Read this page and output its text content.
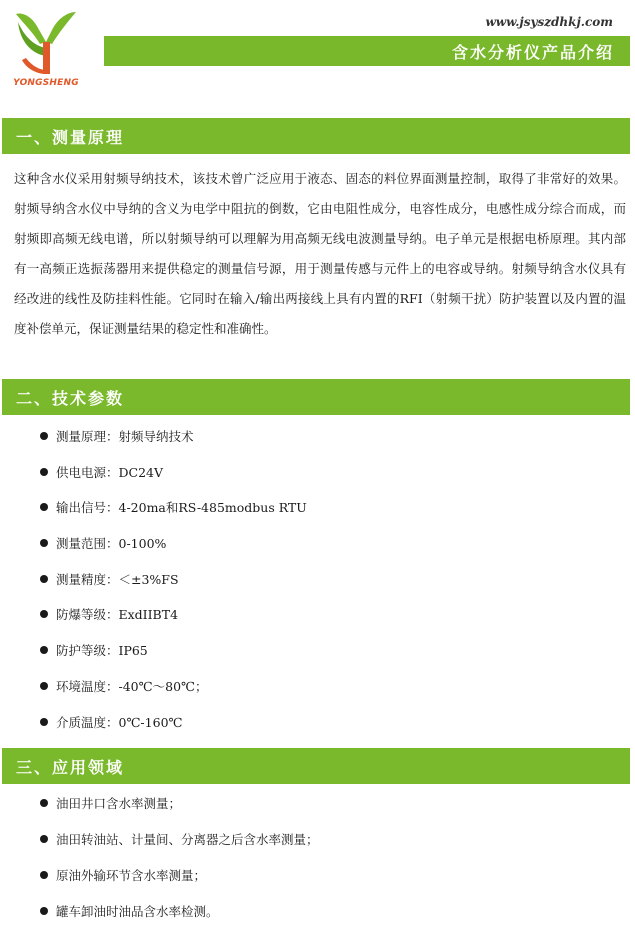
YONGSHENG
www.jsyszdhkj.com
含水分析仪产品介绍
一、测量原理

这种含水仪采用射频导纳技术，该技术曾广泛应用于液态、固态的料位界面测量控制，取得了非常好的效果。射频导纳含水仪中导纳的含义为电学中阻抗的倒数，它由电阻性成分，电容性成分，电感性成分综合而成，而射频即高频无线电谱，所以射频导纳可以理解为用高频无线电波测量导纳。电子单元是根据电桥原理。其内部有一高频正选振荡器用来提供稳定的测量信号源，用于测量传感与元件上的电容或导纳。射频导纳含水仪具有经改进的线性及防挂料性能。它同时在输入/输出两接线上具有内置的RFI（射频干扰）防护装置以及内置的温度补偿单元，保证测量结果的稳定性和准确性。

二、技术参数
测量原理：射频导纳技术
供电电源：DC24V
输出信号：4-20ma和RS-485modbus RTU
测量范围：0-100%
测量精度：＜±3%FS
防爆等级：ExdIIBT4
防护等级：IP65
环境温度：-40℃～80℃；
介质温度：0℃-160℃
三、应用领域
油田井口含水率测量；
油田转油站、计量间、分离器之后含水率测量；
原油外输环节含水率测量；
罐车卸油时油品含水率检测。
